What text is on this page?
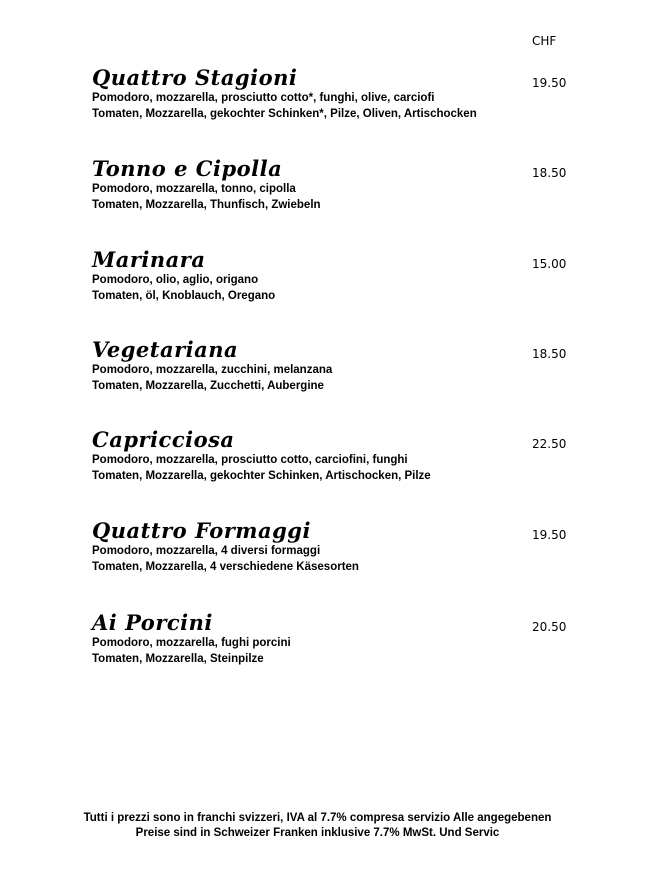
CHF
Quattro Stagioni	19.50
Pomodoro, mozzarella, prosciutto cotto*, funghi, olive, carciofi
Tomaten, Mozzarella, gekochter Schinken*, Pilze, Oliven, Artischocken
Tonno e Cipolla	18.50
Pomodoro, mozzarella, tonno, cipolla
Tomaten, Mozzarella, Thunfisch, Zwiebeln
Marinara	15.00
Pomodoro, olio, aglio, origano
Tomaten, öl, Knoblauch, Oregano
Vegetariana	18.50
Pomodoro, mozzarella, zucchini, melanzana
Tomaten, Mozzarella, Zucchetti, Aubergine
Capricciosa	22.50
Pomodoro, mozzarella, prosciutto cotto, carciofini, funghi
Tomaten, Mozzarella, gekochter Schinken, Artischocken, Pilze
Quattro Formaggi	19.50
Pomodoro, mozzarella, 4 diversi formaggi
Tomaten, Mozzarella, 4 verschiedene Käsesorten
Ai Porcini	20.50
Pomodoro, mozzarella, fughi porcini
Tomaten, Mozzarella, Steinpilze
Tutti i prezzi sono in franchi svizzeri, IVA al 7.7% compresa servizio Alle angegebenen
Preise sind in Schweizer Franken inklusive 7.7% MwSt. Und Servic
